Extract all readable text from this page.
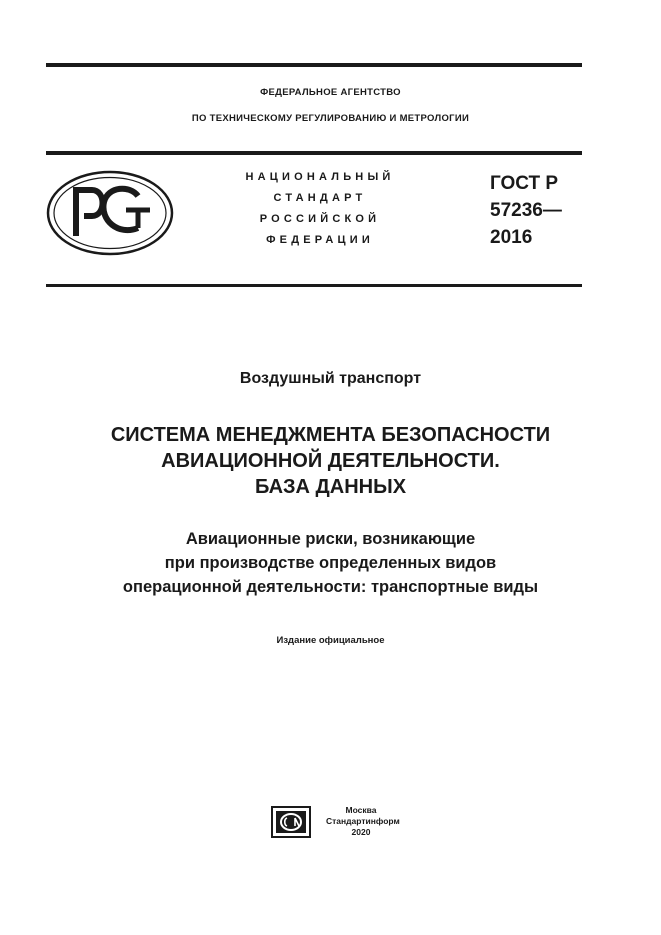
ФЕДЕРАЛЬНОЕ АГЕНТСТВО
ПО ТЕХНИЧЕСКОМУ РЕГУЛИРОВАНИЮ И МЕТРОЛОГИИ
НАЦИОНАЛЬНЫЙ
СТАНДАРТ
РОССИЙСКОЙ
ФЕДЕРАЦИИ
ГОСТ Р
57236—
2016
Воздушный транспорт
СИСТЕМА МЕНЕДЖМЕНТА БЕЗОПАСНОСТИ
АВИАЦИОННОЙ ДЕЯТЕЛЬНОСТИ.
БАЗА ДАННЫХ
Авиационные риски, возникающие
при производстве определенных видов
операционной деятельности: транспортные виды
Издание официальное
Москва
Стандартинформ
2020
